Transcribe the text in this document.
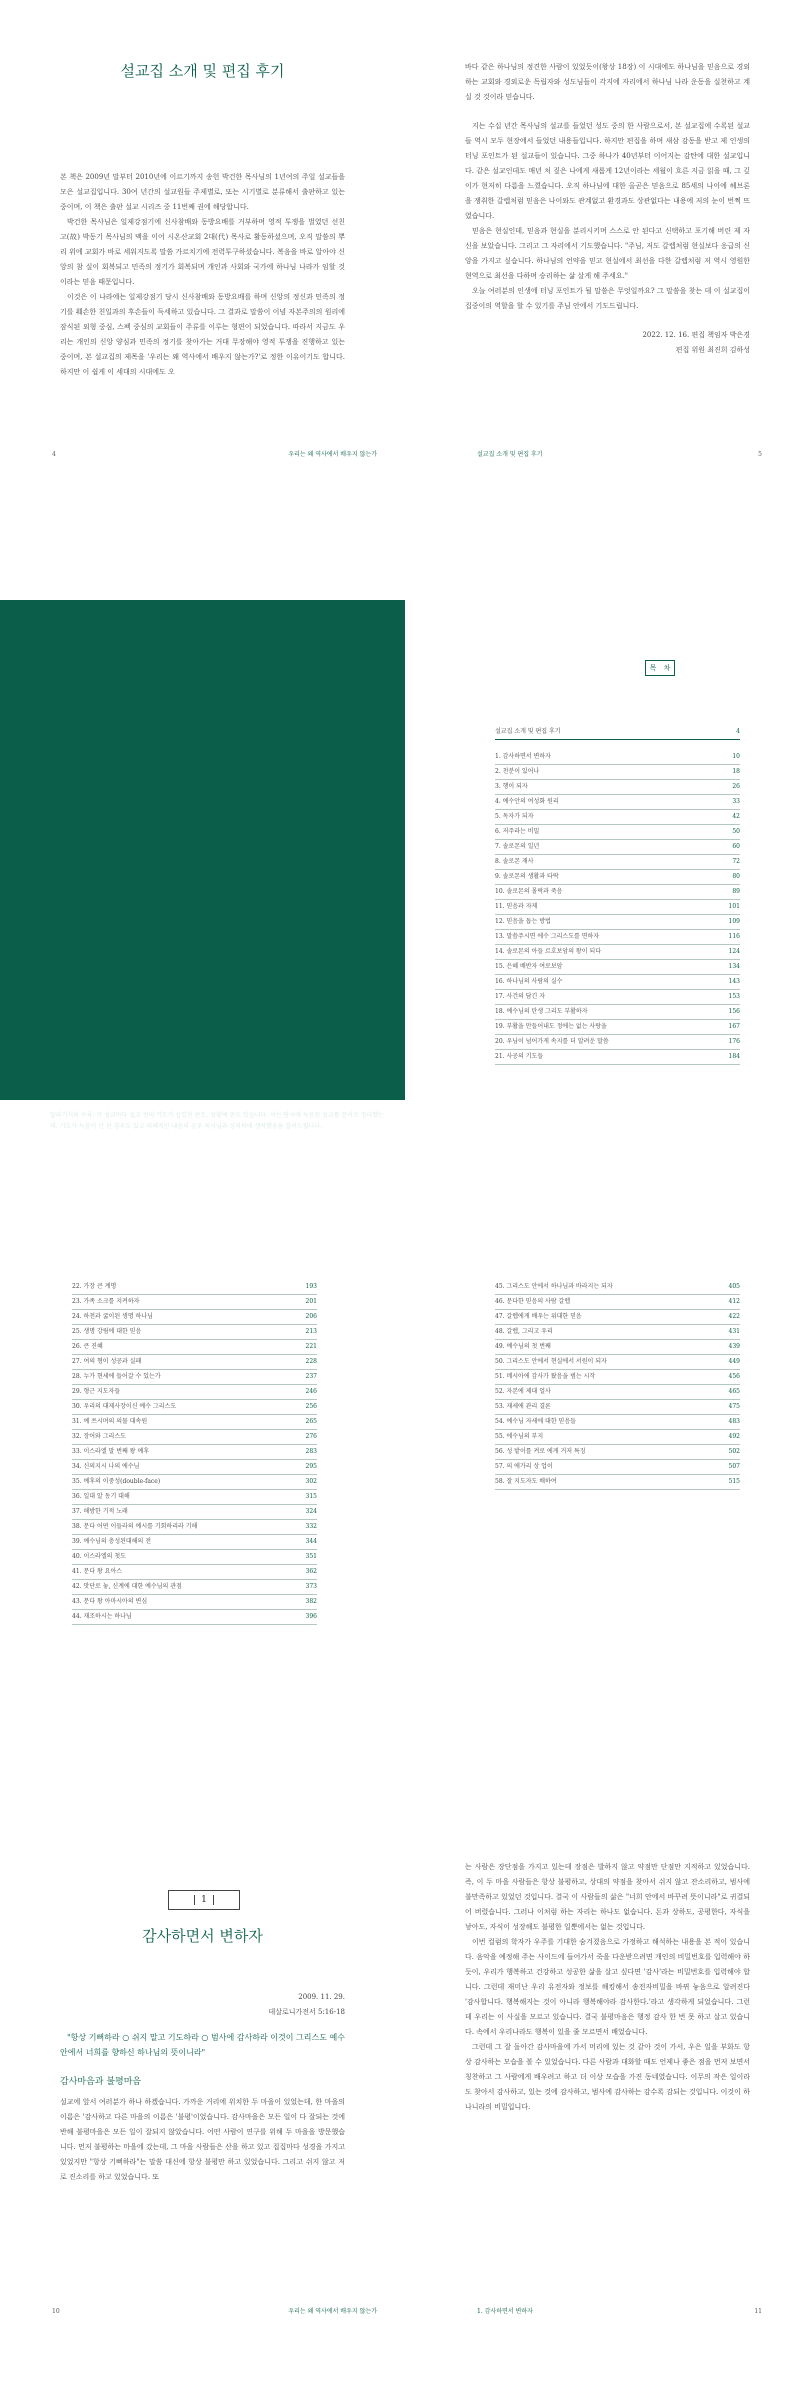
설교집 소개 및 편집 후기

본 책은 2009년 말부터 2010년에 이르기까지 송헌 박건한 목사님의 1년여의 주일 설교들을 모은 설교집입니다. 30여 년간의 설교원들 주제별로, 또는 시기별로 분류해서 출판하고 있는 중이며, 이 책은 출판 설교 시리즈 중 11번째 권에 해당합니다.

박건한 목사님은 일제강점기에 신사참배와 동방요배를 거부하며 영적 투쟁을 벌였던 선친 고(故) 박동기 목사님의 맥을 이어 시온산교회 2대(代) 목사로 활동하셨으며, 오직 말씀의 뿌리 위에 교회가 바로 세워지도록 말씀 가르치기에 전력투구하셨습니다. 복음을 바로 알아야 신앙의 참 실이 회복되고 민족의 정기가 회복되며 개인과 사회와 국가에 하나님 나라가 임할 것이라는 믿음 때문입니다.

이것은 이 나라에는 일제강점기 당시 신사참배와 동방요배를 하며 신앙의 정신과 민족의 정기를 훼손한 친일과의 후손들이 득세하고 있습니다. 그 결과로 말씀이 이념 자본주의의 원리에 잠식된 외형 중심, 스펙 중심의 교회들이 주류를 이루는 형편이 되었습니다. 따라서 지금도 우리는 개인의 신앙 양심과 민족의 정기를 찾아가는 거대 무장해야 영적 투쟁을 진행하고 있는 중이며, 본 설교집의 제목을 '우리는 왜 역사에서 배우지 않는가?'로 정한 이유이기도 합니다. 하지만 이 쉽게 이 세대의 시대에도 오

4	우리는 왜 역사에서 배우지 않는가

바다 같은 하나님의 정견한 사람이 있었듯이(왕상 18장) 이 시대에도 하나님을 믿음으로 경외하는 교회와 경외로운 독립자와 성도님들이 각지에 자리에서 하나님 나라 운동을 실천하고 계실 것 것이라 믿습니다.

지는 수십 년간 목사님의 설교를 들었던 성도 중의 한 사람으로서, 본 설교집에 수록된 설교들 역시 모두 현장에서 들었던 내용들입니다. 하지만 편집을 하며 새삼 감동을 받고 제 인생의 터닝 포인트가 된 설교들이 있습니다. 그중 하나가 40년부터 이어지는 감탄에 대한 설교입니다. 같은 설교인데도 매년 처 짚은 나에게 새롭게 12년이라는 세월이 흐른 지금 읽을 때, 그 깊이가 현저히 다름을 느꼈습니다. 오직 하나님에 대한 올곧은 믿음으로 85세의 나이에 헤브론을 쟁취한 갈렙처럼 믿음은 나이와도 관계없고 환경과도 상관없다는 내용에 저의 눈이 번쩍 뜨였습니다.

믿음은 현실인데, 믿음과 현실을 분리시키며 스스로 안 된다고 신택하고 포기해 버린 제 자신을 보았습니다. 그리고 그 자리에서 기도했습니다. "주님, 저도 갈렙처럼 현실보다 응급의 신앙을 가지고 싶습니다. 하나님의 언약을 믿고 현실에서 최선을 다한 갈렙처럼 저 역시 영원한 현역으로 최선을 다하며 승리하는 삶 살게 해 주세요."

오늘 여러분의 인생에 터닝 포인트가 될 말씀은 무엇일까요? 그 말씀을 찾는 데 이 설교집이 집중이의 역할을 할 수 있기를 주님 안에서 기도드립니다.

2022. 12. 16. 편집 책임자 박은경

편집 위원 최진희 김하성

설교집 소개 및 편집 후기	5
설교집 소개 및 편집 후기	4
1. 감사하면서 변하자	10
2. 천분이 있어나	18
3. 행이 되자	26
4. 예수안의 여성화 원리	33
5. 독자가 되자	42
6. 저주라는 비밀	50
7. 솔로몬의 일년	60
8. 솔로몬 재사	72
9. 솔로몬의 생활과 타락	80
10. 솔로몬의 몰락과 죽음	89
11. 믿음과 자제	101
12. 믿음을 돕는 방법	109
13. 말씀주시면 에수 그리스도를 면하자	116
14. 솔로몬의 아들 르호보암의 왕이 되다	124
15. 은혜 배반자 여로보암	134
16. 하나님의 사람의 실수	143
17. 사건의 담긴 자	153
18. 예수님의 탄생 그리도 부활하자	156
19. 부활을 만들어내도 정에는 없는 사랑을	167
20. 우님이 넘어가게 속지를 더 알려운 말씀	176
21. 사공의 기도들	184
목 차

말라기서와 수록: 각 설교마다 설교 전의 기도가 삽입된 판도, 상황에 판도 있습니다. 이는 당시에 녹음된 설교를 문서로 정리했는데, 기도가 녹음이 안 된 경우도 있고 의해적인 내용의 공우 목사님과 상의하에 생략했음을 알려드립니다.

22. 가장 큰 계명	193
23. 가족 소크를 지켜하자	201
24. 하천과 굶이된 생명 하나님	206
25. 생명 강림에 대한 믿음	213
26. 큰 진혜	221
27. 여의 형이 성공과 실패	228
28. 누가 현세에 들어갈 수 있는가	237
29. 형근 지도자들	246
30. 우리의 대제사장이신 예수 그리스도	256
31. 예 쓰시며의 의물 대속원	265
32. 장어와 그리스도	276
33. 이스라엘 말 번째 왕 예후	283
34. 신의지시 나의 에수님	295
35. 예후의 이중성(double-face)	302
36. 일대 알 동기 대해	315
37. 해방한 기적 노래	324
38. 문다 어떤 이들라의 예시를 기회하리라 기해	332
39. 예수님의 충성된대해의 전	344
40. 이스라엘의 첫도	351
41. 문다 왕 요아스	362
42. 맛단로 놓, 신계에 대한 예수님의 관점	373
43. 문다 왕 아마시아의 변심	382
44. 재조하시는 하나님	396
45. 그리스도 안에서 하나님과 바라지는 되자	405
46. 문다한 믿음의 사람 갈렙	412
47. 갈렙에게 배우는 위대한 믿음	422
48. 갈렙, 그리고 우리	431
49. 예수님의 첫 번째	439
50. 그리스도 안에서 현실에서 서원이 되자	449
51. 메시아에 감사가 왔음을 범는 시작	456
52. 자본에 제대 얼사	465
53. 재세에 관리 결론	475
54. 예수님 자세에 대한 믿음들	483
55. 에수님의 부지	492
56. 성 밭이를 켜로 에게 거저 특징	502
57. 의 에가리 상 업이	507
58. 잘 지도자도 배하여	515
1
감사하면서 변하자

2009. 11. 29.

데살로니가전서 5:16-18

"항상 기뻐하라 ○ 쉬지 말고 기도하라 ○ 범사에 감사하라 이것이 그리스도 예수 안에서 너희를 향하신 하나님의 뜻이니라"

감사마음과 불평마음

설교에 앞서 여러분가 하나 하겠습니다. 가까운 거리에 위치한 두 마을이 있었는데, 한 마을의 이름은 '감사하고 다른 마을의 이름은 '불평'이었습니다. 감사마을은 모든 일이 다 잘되는 것에 반해 불평마을은 모든 일이 잘되지 않았습니다. 어떤 사람이 연구를 위해 두 마을을 방문했습니다. 먼저 불평하는 마을에 갔는데, 그 마을 사람들은 산을 하고 있고 집집마다 성경을 가지고 있었지만 "항상 기뻐하라"는 말씀 대신에 항상 불평만 하고 있었습니다. 그리고 쉬지 않고 저로 진소리를 하고 있었습니다. 또

10	우리는 왜 역사에서 배우지 않는가

는 사람은 장단점을 가지고 있는데 장점은 발하지 않고 약점만 단점만 지적하고 있었습니다. 즉, 이 두 마을 사람들은 항상 불평하고, 상대의 약점을 찾아서 쉬지 않고 잔소리하고, 범사에 불만족하고 있었던 것입니다. 결국 이 사람들의 삶은 "너희 안에서 바꾸려 뜻이니라"로 귀결되어 버렸습니다. 그러나 이처럼 하는 자리는 하나도 없습니다. 돈과 상하도, 공평한다, 자식을 낳아도, 자식이 성장해도 불평한 일뿐에서는 없는 것입니다.

이번 컬럼의 학자가 우주를 기대한 숨겨졌음으로 가정하고 해석하는 내용을 본 적이 있습니다. 음악을 예정해 주는 사이드에 들어가서 죽을 다운받으려면 개인의 비밀번호를 입력해야 하듯이, 우리가 행복하고 건강하고 성공한 삶을 살고 싶다면 '감사'라는 비밀번호를 입력해야 합니다. 그런데 재미난 우리 유전자와 정보를 해킹해서 솜전자비밀을 바뀌 놓음으로 알려진다 '감사합니다. 행복해지는 것이 아니라 행복해야라 감사한다.'라고 생각하게 되었습니다. 그런데 우리는 이 사실을 모르고 있습니다. 결국 불평마음은 행정 감사 한 번 못 하고 살고 있습니다. 속에서 우리나라도 행복이 있을 줄 모르면서 배었습니다.

그런데 그 잘 돌아간 감사마을에 가서 머리에 있는 것 같아 것이 가서, 우은 일을 부화도 항상 감사하는 모습을 볼 수 있었습니다. 다른 사람과 대화할 때도 언제나 좋은 점을 먼저 보면서 칭찬하고 그 사람에게 배우려고 하고 더 이상 모습을 가진 동네였습니다. 이무의 작은 일이라도 찾아서 감사하고, 있는 것에 감사하고, 범사에 감사하는 감수록 감되는 것입니다. 이것이 하나니라의 비밀입니다.

1. 감사하면서 변하자	11
